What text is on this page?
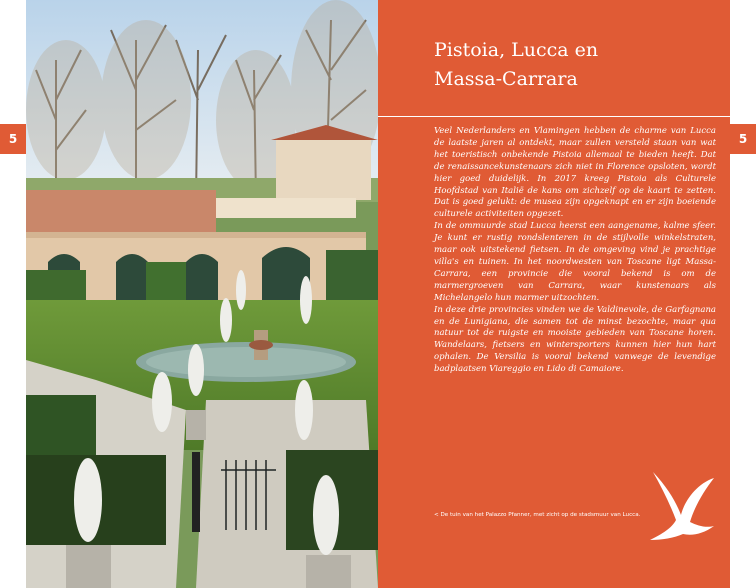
5
Pistoia, Lucca en
Massa-Carrara

Veel Nederlanders en Vlamingen hebben de charme van Lucca de laatste jaren al ontdekt, maar zullen versteld staan van wat het toeristisch onbekende Pistoia allemaal te bieden heeft. Dat de renaissancekunstenaars zich niet in Florence opsloten, wordt hier goed duidelijk. In 2017 kreeg Pistoia als Culturele Hoofdstad van Italië de kans om zichzelf op de kaart te zetten. Dat is goed gelukt: de musea zijn opgeknapt en er zijn boeiende culturele activiteiten opgezet.

In de ommuurde stad Lucca heerst een aangename, kalme sfeer. Je kunt er rustig rondslenteren in de stijlvolle winkelstraten, maar ook uitstekend fietsen. In de omgeving vind je prachtige villa's en tuinen. In het noordwesten van Toscane ligt Massa-Carrara, een provincie die vooral bekend is om de marmergroeven van Carrara, waar kunstenaars als Michelangelo hun marmer uitzochten.

In deze drie provincies vinden we de Valdinevole, de Garfagnana en de Lunigiana, die samen tot de minst bezochte, maar qua natuur tot de ruigste en mooiste gebieden van Toscane horen. Wandelaars, fietsers en wintersporters kunnen hier hun hart ophalen. De Versilia is vooral bekend vanwege de levendige badplaatsen Viareggio en Lido di Camaiore.

< De tuin van het Palazzo Pfanner, met zicht op de stadsmuur van Lucca.
5
